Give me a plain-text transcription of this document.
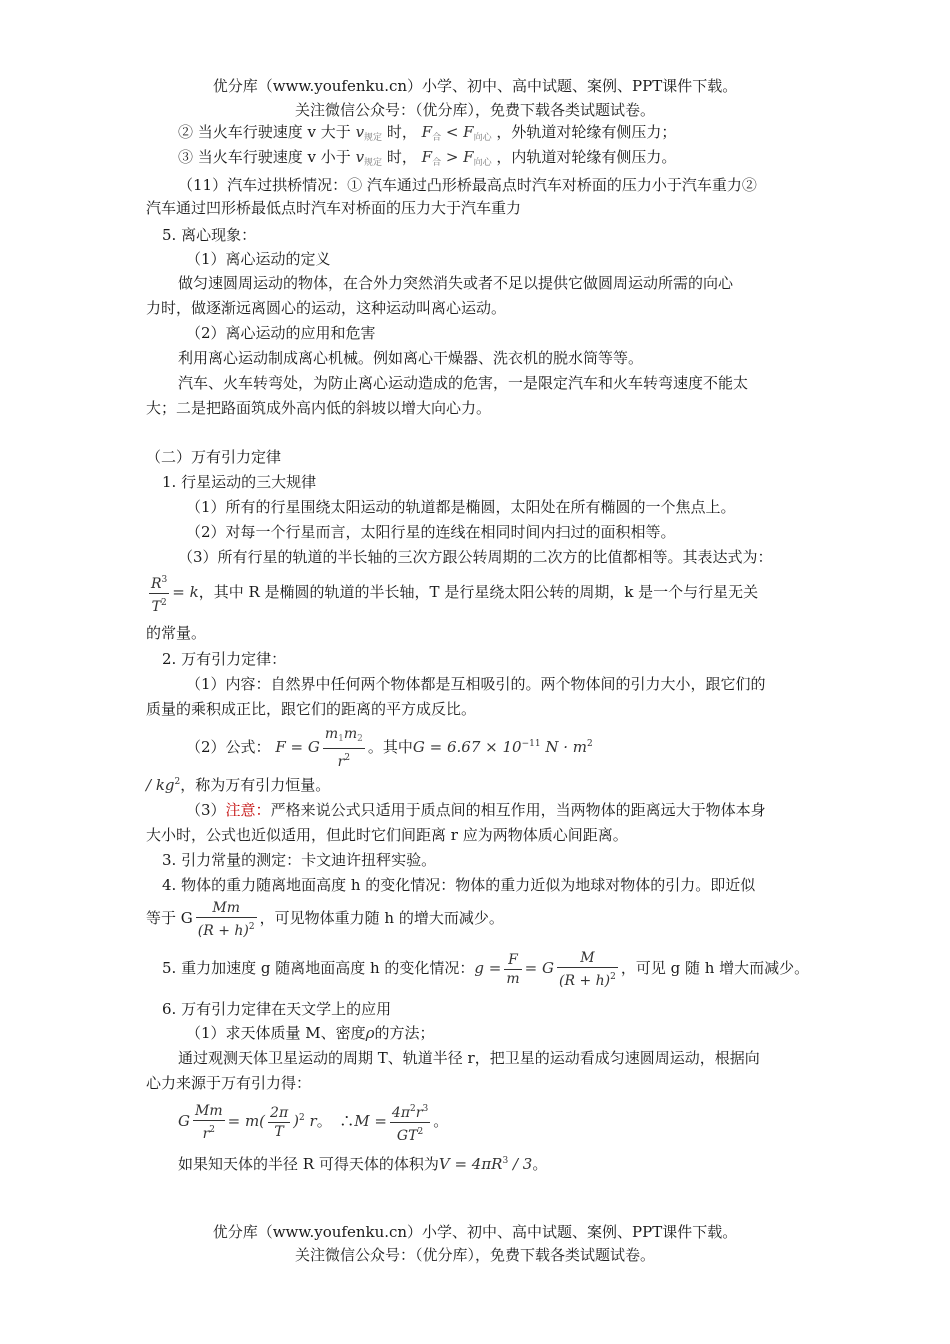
优分库（www.youfenku.cn）小学、初中、高中试题、案例、PPT课件下载。
关注微信公众号：（优分库），免费下载各类试题试卷。
② 当火车行驶速度 v 大于 $v_{规定}$ 时， $F_合 < F_{向心}$ ，外轨道对轮缘有侧压力；
③ 当火车行驶速度 v 小于 $v_{规定}$ 时， $F_合 > F_{向心}$ ，内轨道对轮缘有侧压力。
（11）汽车过拱桥情况：① 汽车通过凸形桥最高点时汽车对桥面的压力小于汽车重力②
汽车通过凹形桥最低点时汽车对桥面的压力大于汽车重力
5. 离心现象：
（1）离心运动的定义
做匀速圆周运动的物体，在合外力突然消失或者不足以提供它做圆周运动所需的向心
力时，做逐渐远离圆心的运动，这种运动叫离心运动。
（2）离心运动的应用和危害
利用离心运动制成离心机械。例如离心干燥器、洗衣机的脱水筒等等。
汽车、火车转弯处，为防止离心运动造成的危害，一是限定汽车和火车转弯速度不能太
大；二是把路面筑成外高内低的斜坡以增大向心力。
（二）万有引力定律
1. 行星运动的三大规律
（1）所有的行星围绕太阳运动的轨道都是椭圆，太阳处在所有椭圆的一个焦点上。
（2）对每一个行星而言，太阳行星的连线在相同时间内扫过的面积相等。
（3）所有行星的轨道的半长轴的三次方跟公转周期的二次方的比值都相等。其表达式为：
$\frac{R^3}{T^2} = k$，其中 R 是椭圆的轨道的半长轴，T 是行星绕太阳公转的周期，k 是一个与行星无关
的常量。
2. 万有引力定律：
（1）内容：自然界中任何两个物体都是互相吸引的。两个物体间的引力大小，跟它们的
质量的乘积成正比，跟它们的距离的平方成反比。
（2）公式： F = G $\frac{m_1m_2}{r^2}$ 。其中$G = 6.67 \times 10^{-11}$ $N \cdot m^2$
/ $kg^2$，称为万有引力恒量。
（3）注意：严格来说公式只适用于质点间的相互作用，当两物体的距离远大于物体本身
大小时，公式也近似适用，但此时它们间距离 r 应为两物体质心间距离。
3. 引力常量的测定：卡文迪许扭秤实验。
4. 物体的重力随离地面高度 h 的变化情况：物体的重力近似为地球对物体的引力。即近似
等于 G $\frac{Mm}{(R + h)^2}$ ，可见物体重力随 h 的增大而减少。
5. 重力加速度 g 随离地面高度 h 的变化情况：$g = \frac{F}{m} = G \frac{M}{(R + h)^2}$ ，可见 g 随 h 增大而减少。
6. 万有引力定律在天文学上的应用
（1）求天体质量 M、密度ρ的方法；
通过观测天体卫星运动的周期 T、轨道半径 r，把卫星的运动看成匀速圆周运动，根据向
心力来源于万有引力得：
G $\frac{Mm}{r^2} = m( \frac{2\pi}{T} )^2$ r。　∴M = $\frac{4\pi^2r^3}{GT^2}$ 。
如果知天体的半径 R 可得天体的体积为$V = 4\pi R^3 / 3$。
优分库（www.youfenku.cn）小学、初中、高中试题、案例、PPT课件下载。
关注微信公众号：（优分库），免费下载各类试题试卷。
